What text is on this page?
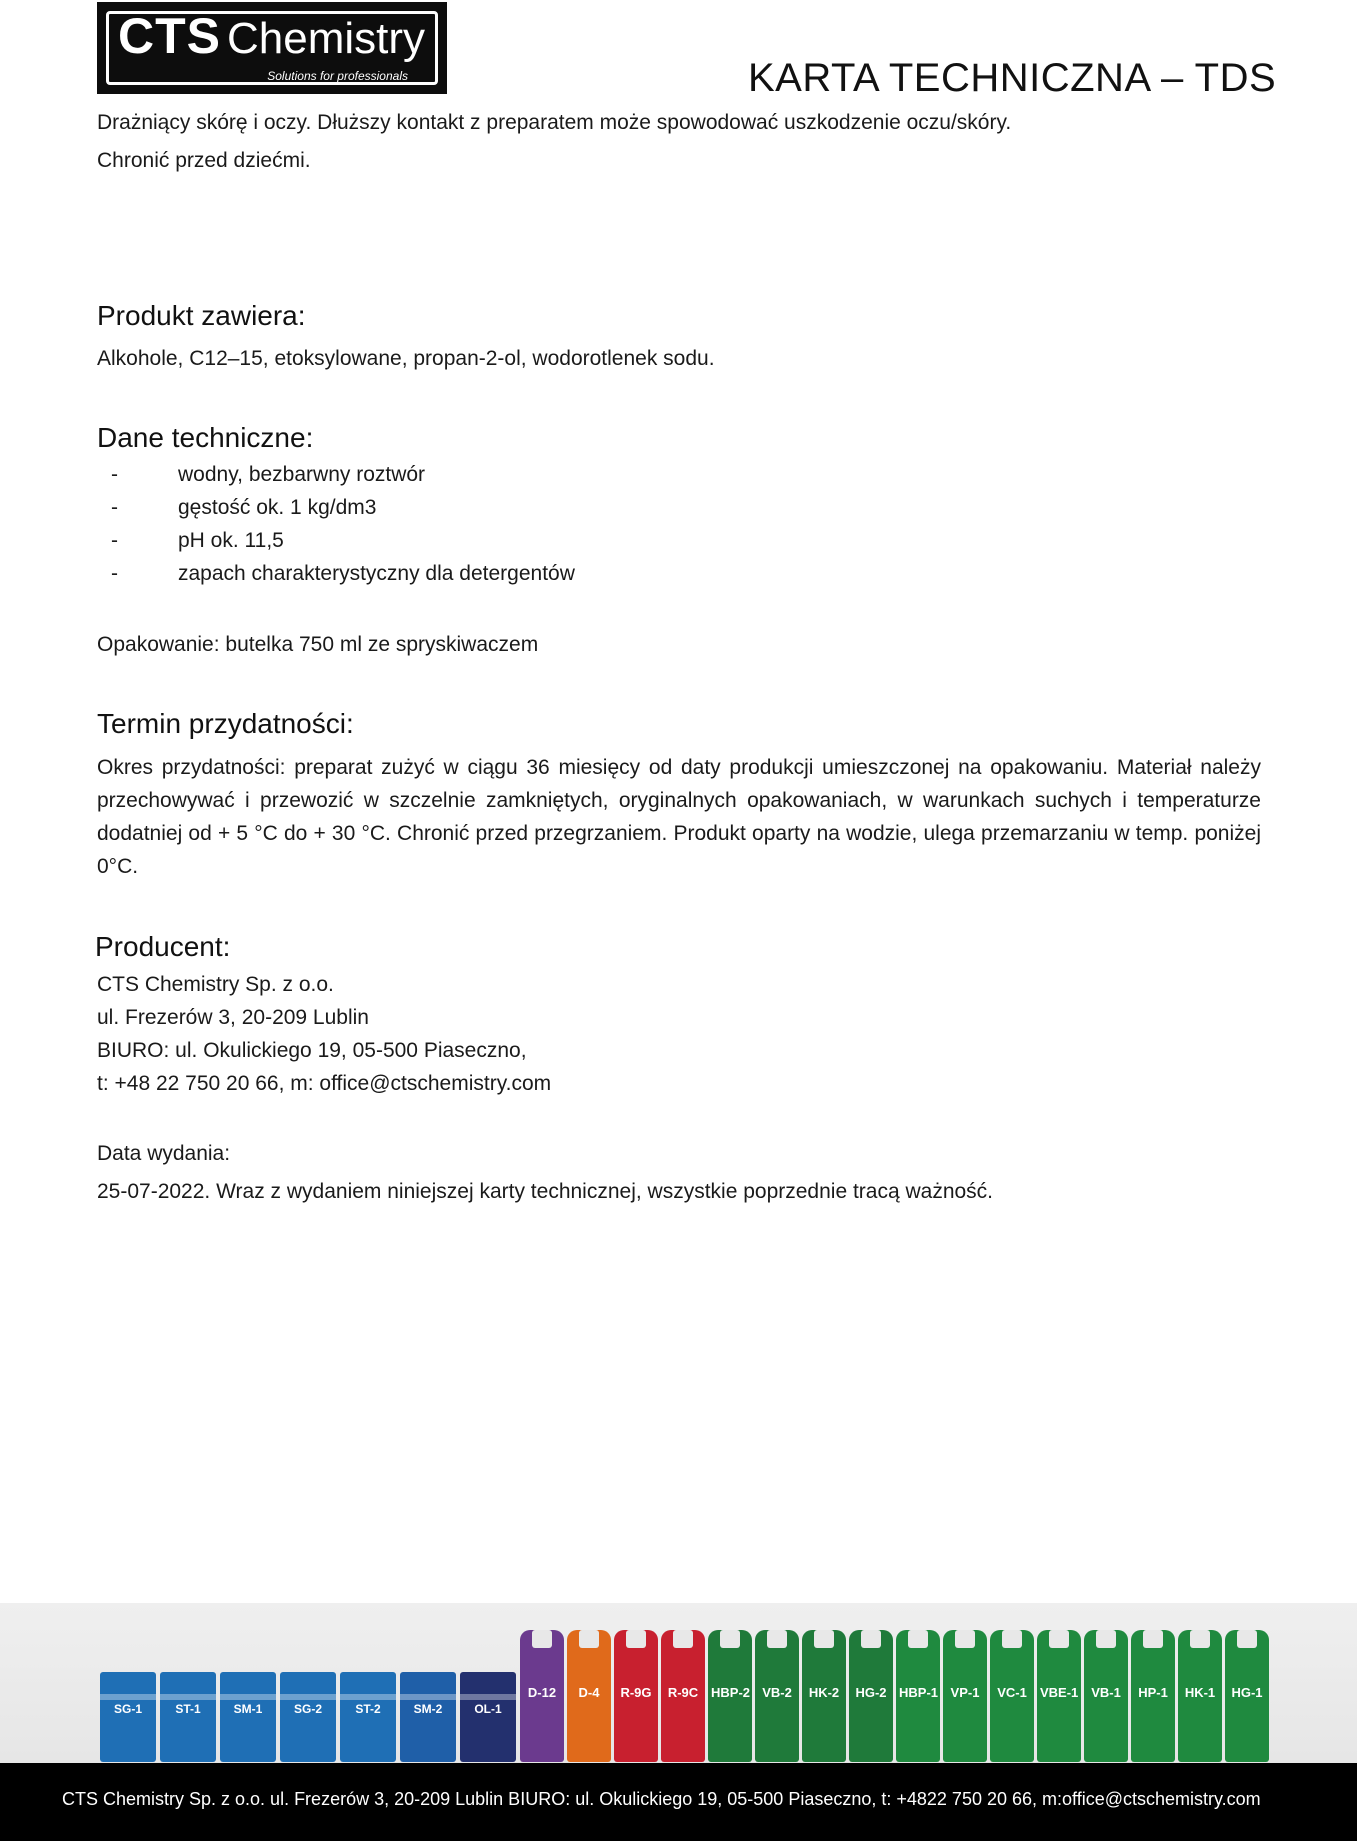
CTS Chemistry
Solutions for professionals	KARTA TECHNICZNA – TDS
Drażniący skórę i oczy. Dłuższy kontakt z preparatem może spowodować uszkodzenie oczu/skóry.
Chronić przed dziećmi.
Produkt zawiera:
Alkohole, C12–15, etoksylowane, propan-2-ol, wodorotlenek sodu.
Dane techniczne:
-	wodny, bezbarwny roztwór
-	gęstość ok. 1 kg/dm3
-	pH ok. 11,5
-	zapach charakterystyczny dla detergentów
Opakowanie: butelka 750 ml ze spryskiwaczem
Termin przydatności:
Okres przydatności: preparat zużyć w ciągu 36 miesięcy od daty produkcji umieszczonej na opakowaniu. Materiał należy przechowywać i przewozić w szczelnie zamkniętych, oryginalnych opakowaniach, w warunkach suchych i temperaturze dodatniej od + 5 °C do + 30 °C. Chronić przed przegrzaniem. Produkt oparty na wodzie, ulega przemarzaniu w temp. poniżej 0°C.
Producent:
CTS Chemistry Sp. z o.o.
ul. Frezerów 3, 20-209 Lublin
BIURO: ul. Okulickiego 19, 05-500 Piaseczno,
t: +48 22 750 20 66, m: office@ctschemistry.com
Data wydania:
25-07-2022. Wraz z wydaniem niniejszej karty technicznej, wszystkie poprzednie tracą ważność.
SG-1	ST-1	SM-1	SG-2	ST-2	SM-2	OL-1
D-12	D-4	R-9G R-9C HBP-2 VB-2	HK-2 HG-2 HBP-1 VP-1	VC-1	VBE-1 VB-1	HP-1	HK-1 HG-1
CTS Chemistry Sp. z o.o. ul. Frezerów 3, 20-209 Lublin BIURO: ul. Okulickiego 19, 05-500 Piaseczno, t: +4822 750 20 66, m:office@ctschemistry.com
